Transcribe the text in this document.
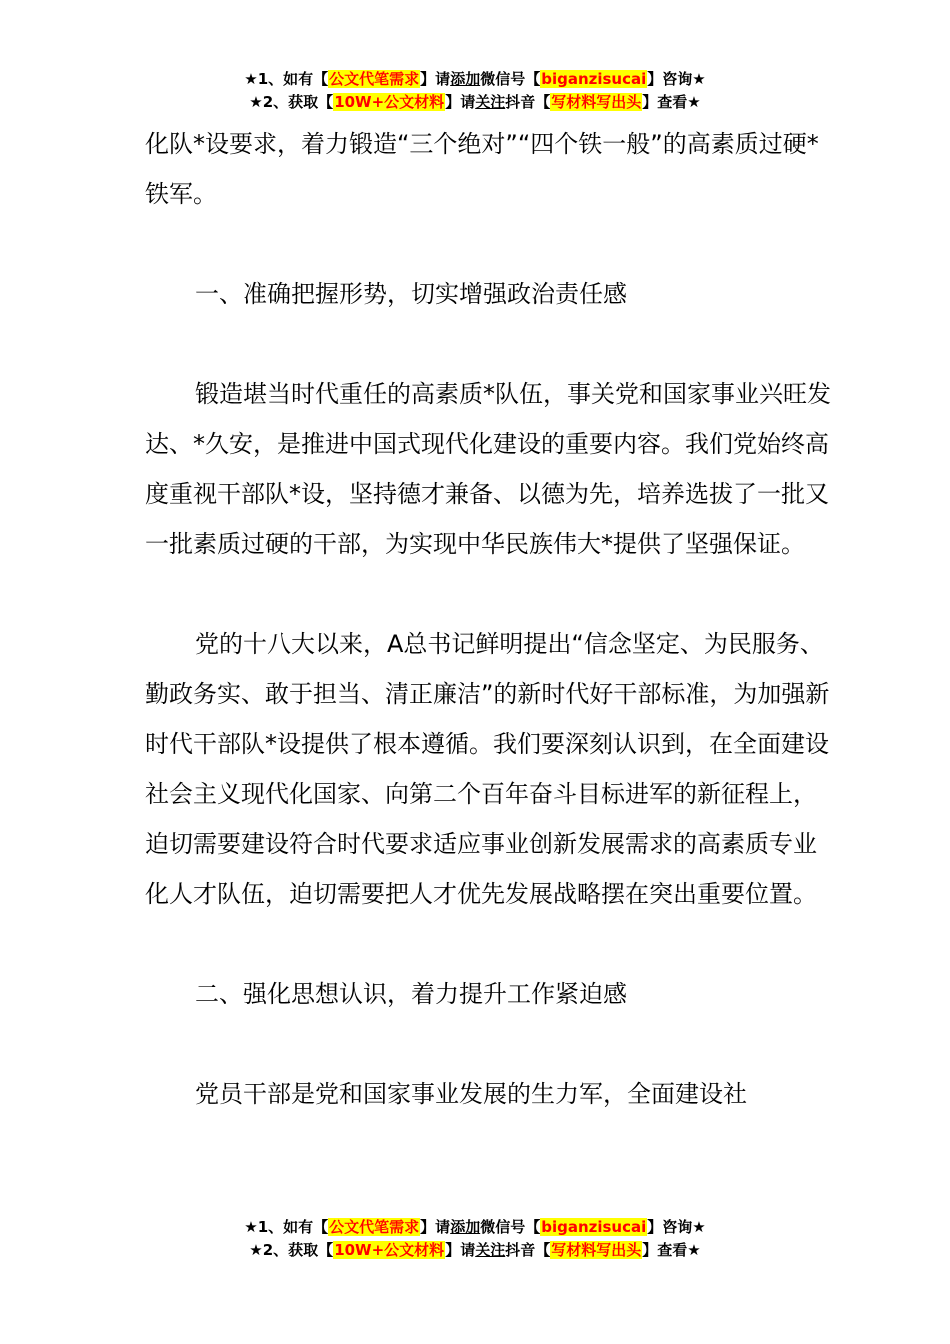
★1、如有【公文代笔需求】请添加微信号【biganzisucai】咨询★
★2、获取【10W+公文材料】请关注抖音【写材料写出头】查看★

化队*设要求，着力锻造“三个绝对”“四个铁一般”的高素质过硬*铁军。

一、准确把握形势，切实增强政治责任感

锻造堪当时代重任的高素质*队伍，事关党和国家事业兴旺发达、*久安，是推进中国式现代化建设的重要内容。我们党始终高度重视干部队*设，坚持德才兼备、以德为先，培养选拔了一批又一批素质过硬的干部，为实现中华民族伟大*提供了坚强保证。

党的十八大以来，A总书记鲜明提出“信念坚定、为民服务、勤政务实、敢于担当、清正廉洁”的新时代好干部标准，为加强新时代干部队*设提供了根本遵循。我们要深刻认识到，在全面建设社会主义现代化国家、向第二个百年奋斗目标进军的新征程上，迫切需要建设符合时代要求适应事业创新发展需求的高素质专业化人才队伍，迫切需要把人才优先发展战略摆在突出重要位置。

二、强化思想认识，着力提升工作紧迫感

党员干部是党和国家事业发展的生力军，全面建设社

★1、如有【公文代笔需求】请添加微信号【biganzisucai】咨询★
★2、获取【10W+公文材料】请关注抖音【写材料写出头】查看★
